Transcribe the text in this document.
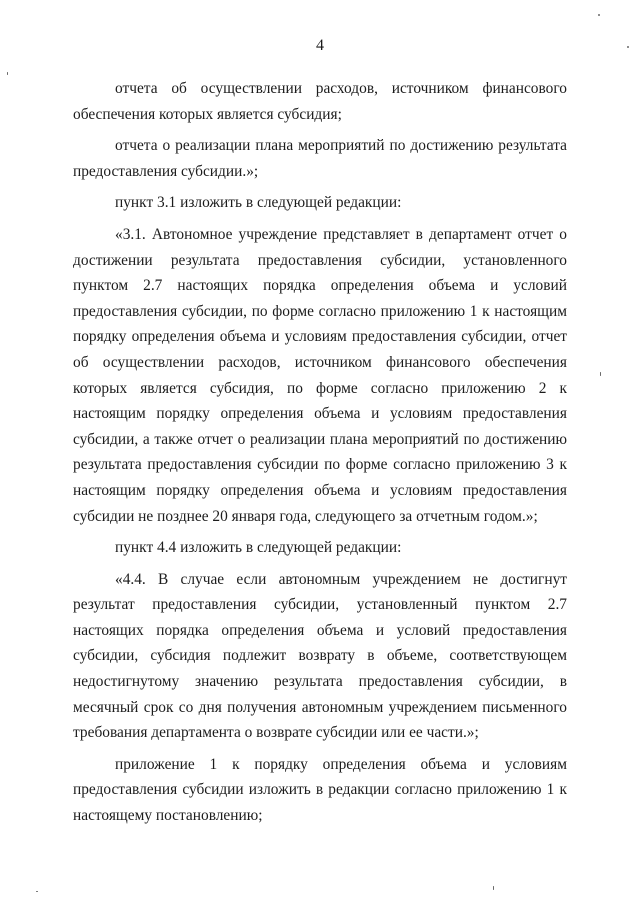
4

отчета об осуществлении расходов, источником финансового обеспечения которых является субсидия;

отчета о реализации плана мероприятий по достижению результата предоставления субсидии.»;

пункт 3.1 изложить в следующей редакции:

«3.1. Автономное учреждение представляет в департамент отчет о достижении результата предоставления субсидии, установленного пунктом 2.7 настоящих порядка определения объема и условий предоставления субсидии, по форме согласно приложению 1 к настоящим порядку определения объема и условиям предоставления субсидии, отчет об осуществлении расходов, источником финансового обеспечения которых является субсидия, по форме согласно приложению 2 к настоящим порядку определения объема и условиям предоставления субсидии, а также отчет о реализации плана мероприятий по достижению результата предоставления субсидии по форме согласно приложению 3 к настоящим порядку определения объема и условиям предоставления субсидии не позднее 20 января года, следующего за отчетным годом.»;

пункт 4.4 изложить в следующей редакции:

«4.4. В случае если автономным учреждением не достигнут результат предоставления субсидии, установленный пунктом 2.7 настоящих порядка определения объема и условий предоставления субсидии, субсидия подлежит возврату в объеме, соответствующем недостигнутому значению результата предоставления субсидии, в месячный срок со дня получения автономным учреждением письменного требования департамента о возврате субсидии или ее части.»;

приложение 1 к порядку определения объема и условиям предоставления субсидии изложить в редакции согласно приложению 1 к настоящему постановлению;
